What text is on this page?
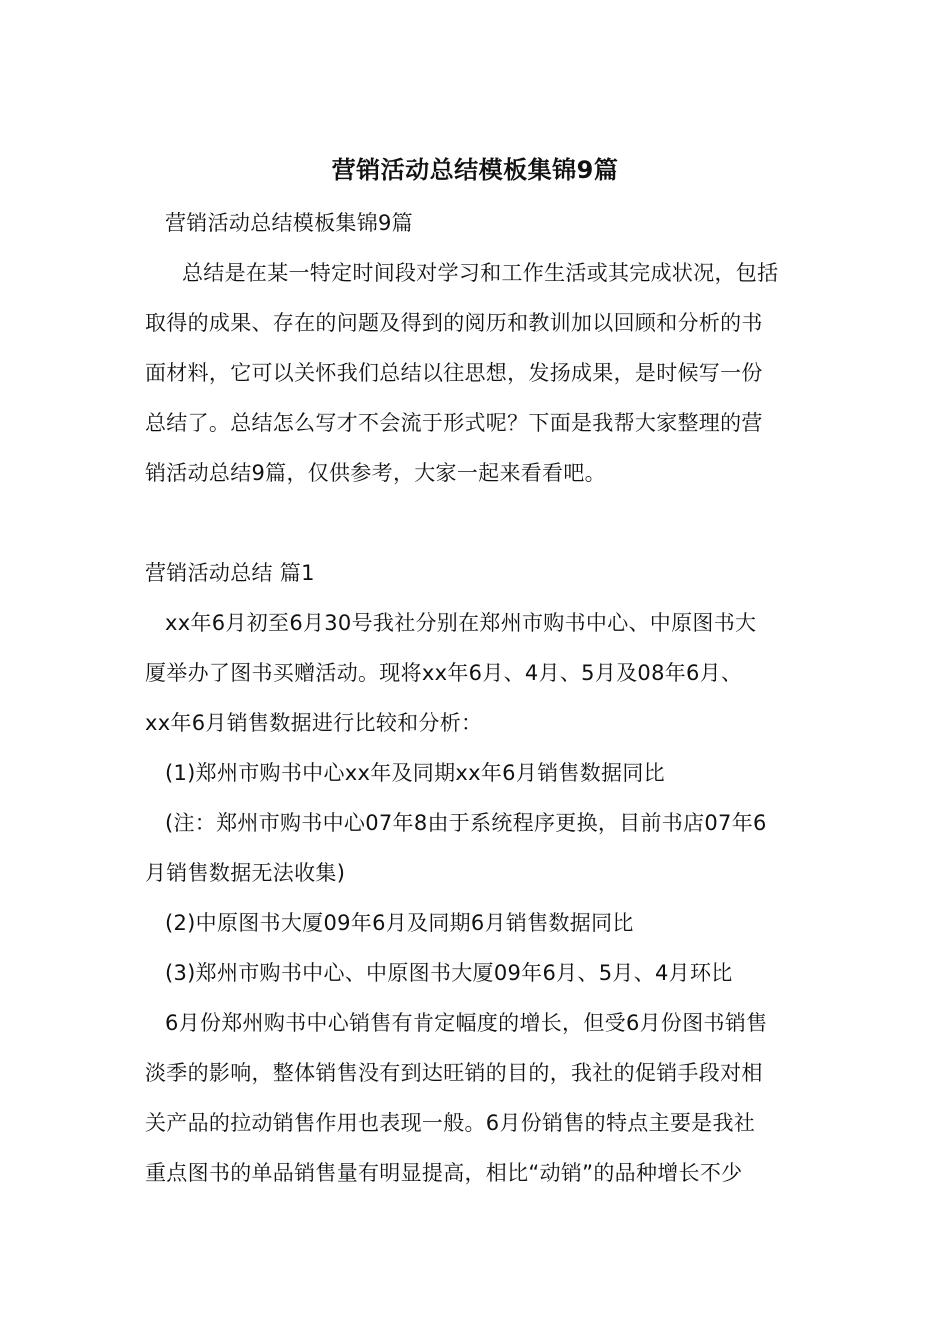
营销活动总结模板集锦9篇
营销活动总结模板集锦9篇
总结是在某一特定时间段对学习和工作生活或其完成状况，包括
取得的成果、存在的问题及得到的阅历和教训加以回顾和分析的书
面材料，它可以关怀我们总结以往思想，发扬成果，是时候写一份
总结了。总结怎么写才不会流于形式呢？下面是我帮大家整理的营
销活动总结9篇，仅供参考，大家一起来看看吧。
营销活动总结 篇1
xx年6月初至6月30号我社分别在郑州市购书中心、中原图书大
厦举办了图书买赠活动。现将xx年6月、4月、5月及08年6月、
xx年6月销售数据进行比较和分析：
(1)郑州市购书中心xx年及同期xx年6月销售数据同比
(注：郑州市购书中心07年8由于系统程序更换，目前书店07年6
月销售数据无法收集)
(2)中原图书大厦09年6月及同期6月销售数据同比
(3)郑州市购书中心、中原图书大厦09年6月、5月、4月环比
6月份郑州购书中心销售有肯定幅度的增长，但受6月份图书销售
淡季的影响，整体销售没有到达旺销的目的，我社的促销手段对相
关产品的拉动销售作用也表现一般。6月份销售的特点主要是我社
重点图书的单品销售量有明显提高，相比“动销”的品种增长不少
